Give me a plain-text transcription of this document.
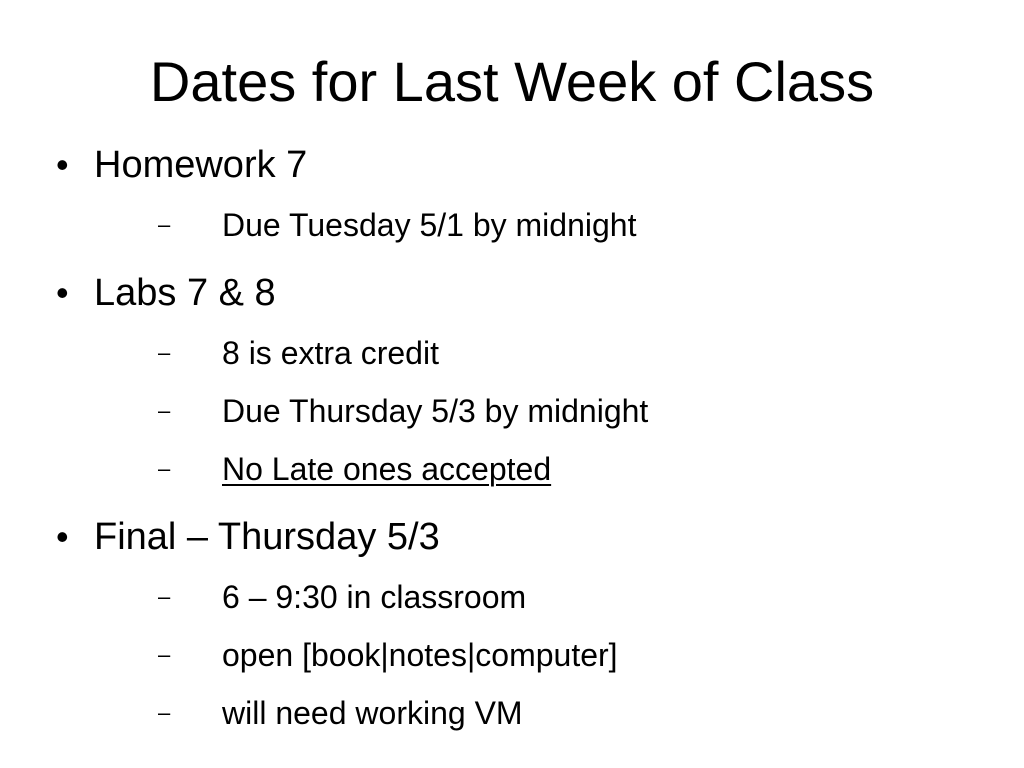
Dates for Last Week of Class
• Homework 7
– Due Tuesday 5/1 by midnight
• Labs 7 & 8
– 8 is extra credit
– Due Thursday 5/3 by midnight
– No Late ones accepted
• Final – Thursday 5/3
– 6 – 9:30 in classroom
– open [book|notes|computer]
– will need working VM
